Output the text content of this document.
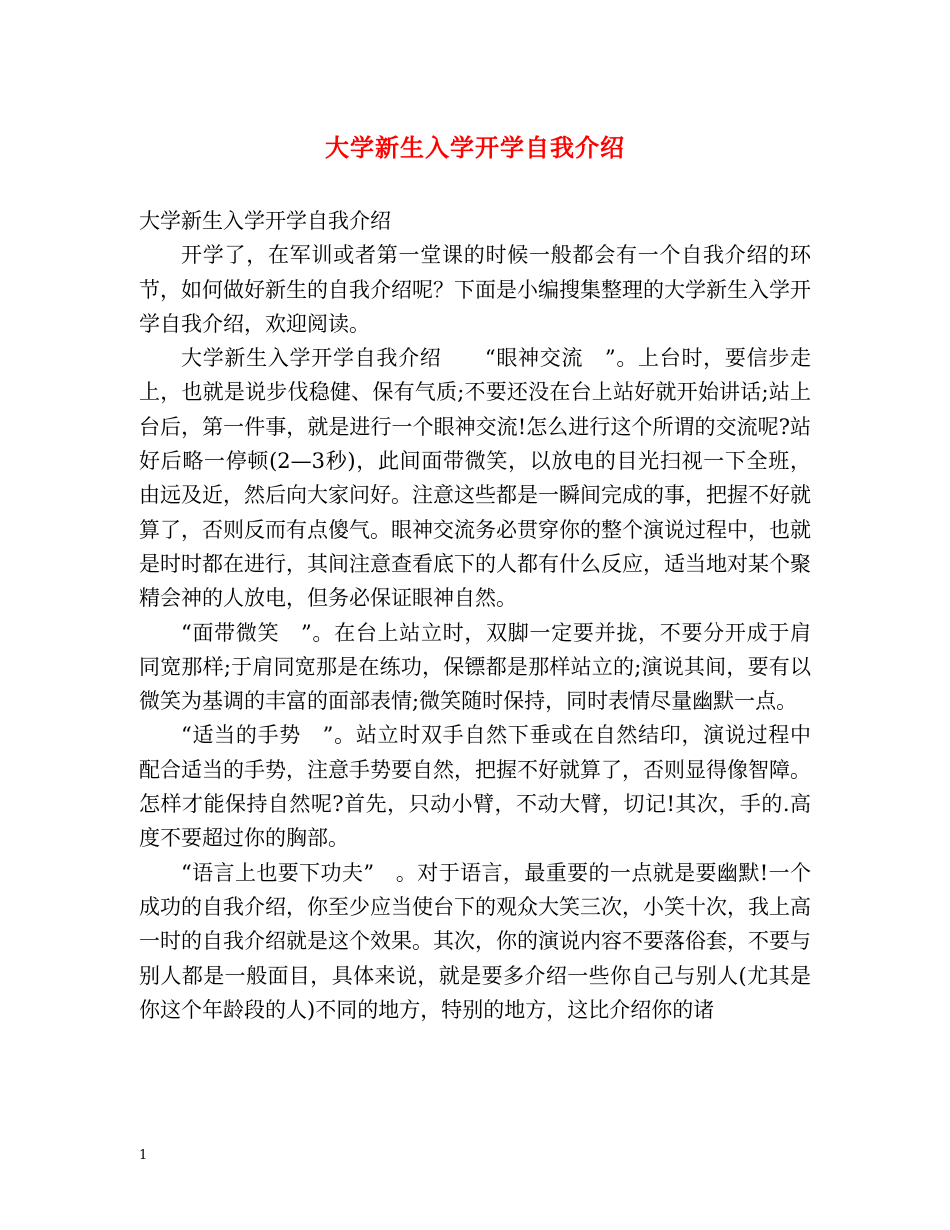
大学新生入学开学自我介绍

大学新生入学开学自我介绍

开学了，在军训或者第一堂课的时候一般都会有一个自我介绍的环节，如何做好新生的自我介绍呢？下面是小编搜集整理的大学新生入学开学自我介绍，欢迎阅读。

大学新生入学开学自我介绍　　“眼神交流　”。上台时，要信步走上，也就是说步伐稳健、保有气质;不要还没在台上站好就开始讲话;站上台后，第一件事，就是进行一个眼神交流!怎么进行这个所谓的交流呢?站好后略一停顿(2—3秒)，此间面带微笑，以放电的目光扫视一下全班，由远及近，然后向大家问好。注意这些都是一瞬间完成的事，把握不好就算了，否则反而有点傻气。眼神交流务必贯穿你的整个演说过程中，也就是时时都在进行，其间注意查看底下的人都有什么反应，适当地对某个聚精会神的人放电，但务必保证眼神自然。

“面带微笑　”。在台上站立时，双脚一定要并拢，不要分开成于肩同宽那样;于肩同宽那是在练功，保镖都是那样站立的;演说其间，要有以微笑为基调的丰富的面部表情;微笑随时保持，同时表情尽量幽默一点。

“适当的手势　”。站立时双手自然下垂或在自然结印，演说过程中配合适当的手势，注意手势要自然，把握不好就算了，否则显得像智障。怎样才能保持自然呢?首先，只动小臂，不动大臂，切记!其次，手的.高度不要超过你的胸部。

“语言上也要下功夫”　。对于语言，最重要的一点就是要幽默!一个成功的自我介绍，你至少应当使台下的观众大笑三次，小笑十次，我上高一时的自我介绍就是这个效果。其次，你的演说内容不要落俗套，不要与别人都是一般面目，具体来说，就是要多介绍一些你自己与别人(尤其是你这个年龄段的人)不同的地方，特别的地方，这比介绍你的诸

1
